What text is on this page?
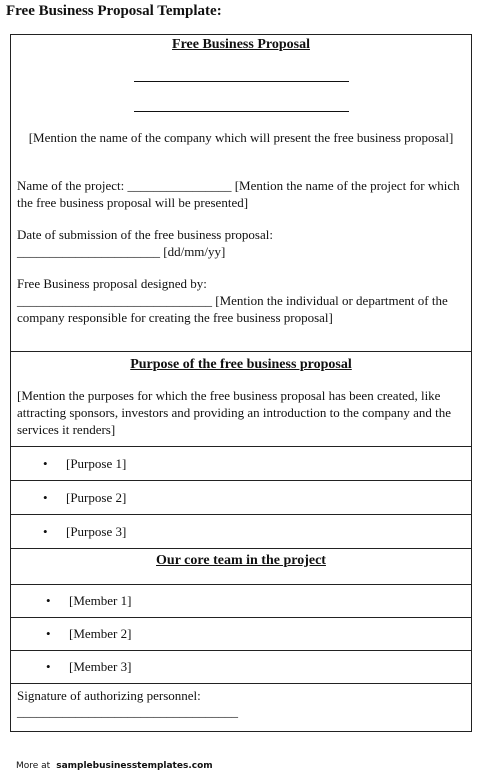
Free Business Proposal Template:
Free Business Proposal

[Mention the name of the company which will present the free business proposal]

Name of the project: ________________ [Mention the name of the project for which the free business proposal will be presented]

Date of submission of the free business proposal:

______________________ [dd/mm/yy]

Free Business proposal designed by:

______________________________ [Mention the individual or department of the company responsible for creating the free business proposal]

Purpose of the free business proposal

[Mention the purposes for which the free business proposal has been created, like attracting sponsors, investors and providing an introduction to the company and the services it renders]

• [Purpose 1]
• [Purpose 2]
• [Purpose 3]
Our core team in the project
• [Member 1]
• [Member 2]
• [Member 3]

Signature of authorizing personnel:

__________________________________

More at samplebusinesstemplates.com
